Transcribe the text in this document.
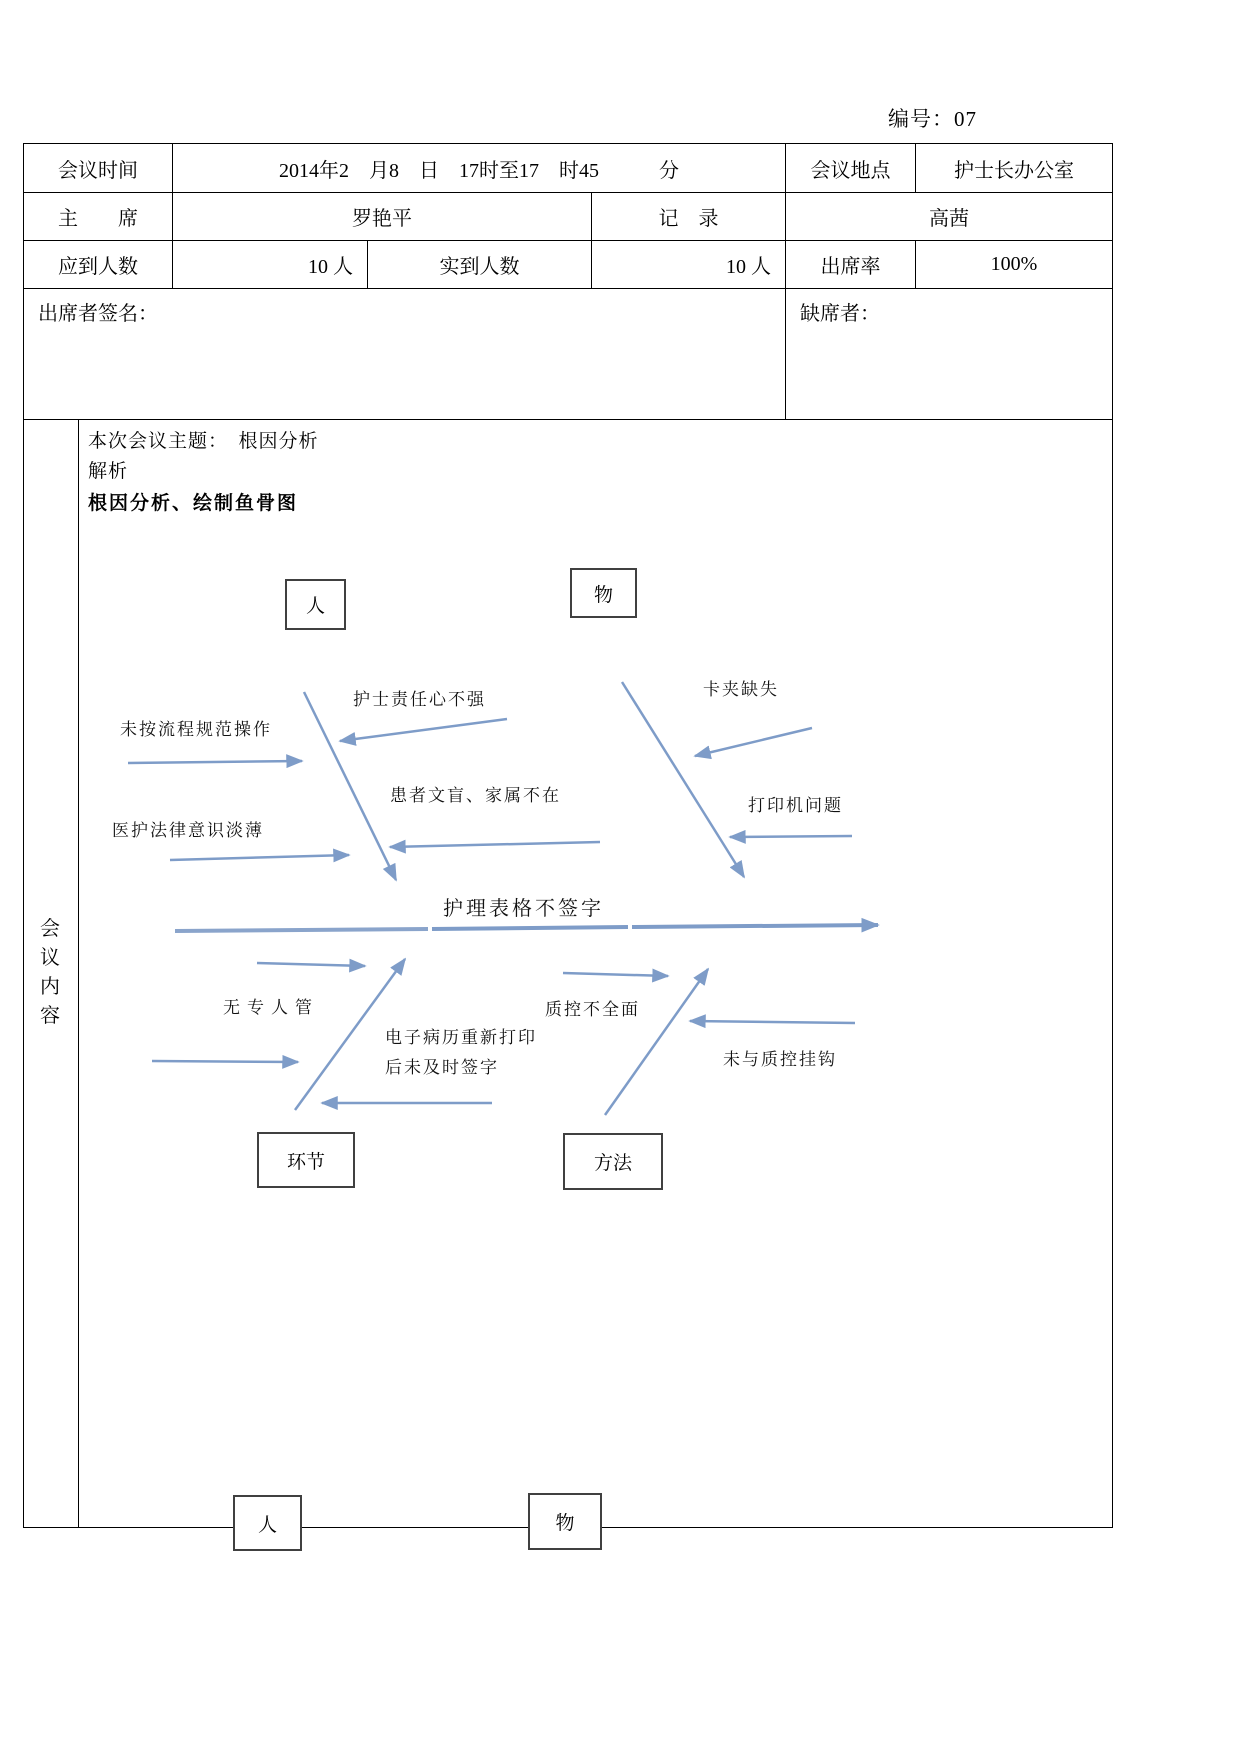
编号：07
会议时间	2014年2　月8　日　17时至17　时45　　　分	会议地点	护士长办公室
主　　席	罗艳平	记　录	高茜
应到人数	10 人	实到人数	10 人	出席率	100%
出席者签名：	缺席者：
会议内容
本次会议主题：　根因分析
解析
根因分析、绘制鱼骨图
人
物
环节	方法
人	物
护理表格不签字
护士责任心不强
未按流程规范操作
医护法律意识淡薄
患者文盲、家属不在
卡夹缺失
打印机问题
无专人管
电子病历重新打印
后未及时签字
质控不全面
未与质控挂钩
